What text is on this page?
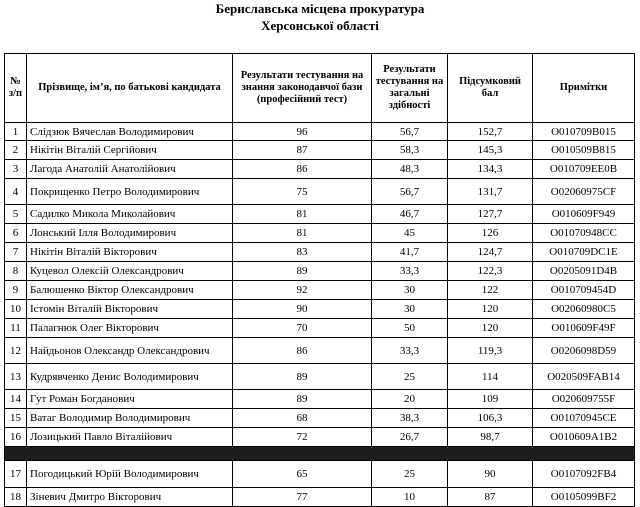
Бериславська місцева прокуратура
Херсонської області
№ з/п	Прізвище, ім’я, по батькові кандидата	Результати тестування на знання законодавчої бази (професійний тест)	Результати тестування на загальні здібності	Підсумковий бал	Примітки
1	Слідзюк Вячеслав Володимирович	96	56,7	152,7	O010709B015
2	Нікітін Віталій Сергійович	87	58,3	145,3	O010509B815
3	Лагода Анатолій Анатолійович	86	48,3	134,3	O010709EE0B
4	Покрищенко Петро Володимирович	75	56,7	131,7	O02060975CF
5	Садилко Микола Миколайович	81	46,7	127,7	O010609F949
6	Лонський Ілля Володимирович	81	45	126	O01070948CC
7	Нікітін Віталій Вікторович	83	41,7	124,7	O010709DC1E
8	Куцевол Олексій Олександрович	89	33,3	122,3	O0205091D4B
9	Балюшенко Віктор Олександрович	92	30	122	O010709454D
10	Істомін Віталій Вікторович	90	30	120	O02060980C5
11	Палагнюк Олег Вікторович	70	50	120	O010609F49F
12	Найдьонов Олександр Олександрович	86	33,3	119,3	O0206098D59
13	Кудрявченко Денис Володимирович	89	25	114	O020509FAB14
14	Гут Роман Богданович	89	20	109	O020609755F
15	Ватаг Володимир Володимирович	68	38,3	106,3	O01070945CE
16	Лозицький Павло Віталійович	72	26,7	98,7	O010609A1B2

17	Погодицький Юрій Володимирович	65	25	90	O0107092FB4
18	Зіневич Дмитро Вікторович	77	10	87	O0105099BF2
